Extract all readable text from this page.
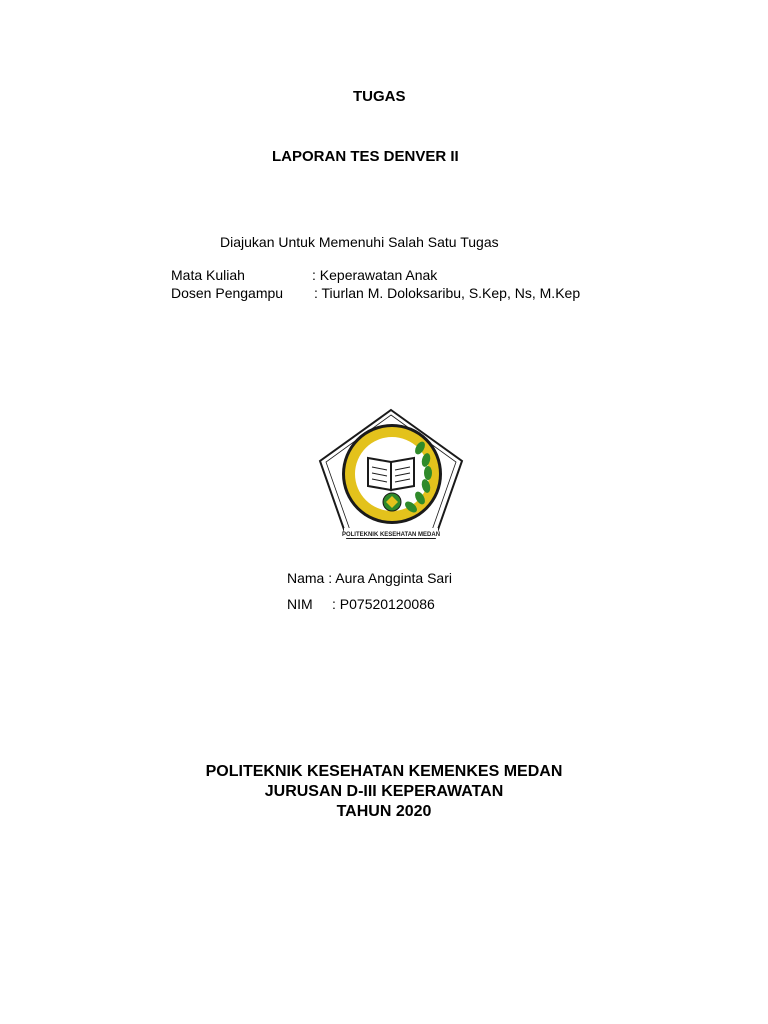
TUGAS
LAPORAN TES DENVER II
Diajukan Untuk Memenuhi Salah Satu Tugas
Mata Kuliah	: Keperawatan Anak
Dosen Pengampu : Tiurlan M. Doloksaribu, S.Kep, Ns, M.Kep
POLITEKNIK KESEHATAN MEDAN
Nama : Aura Angginta Sari
NIM : P07520120086
POLITEKNIK KESEHATAN KEMENKES MEDAN
JURUSAN D-III KEPERAWATAN
TAHUN 2020
